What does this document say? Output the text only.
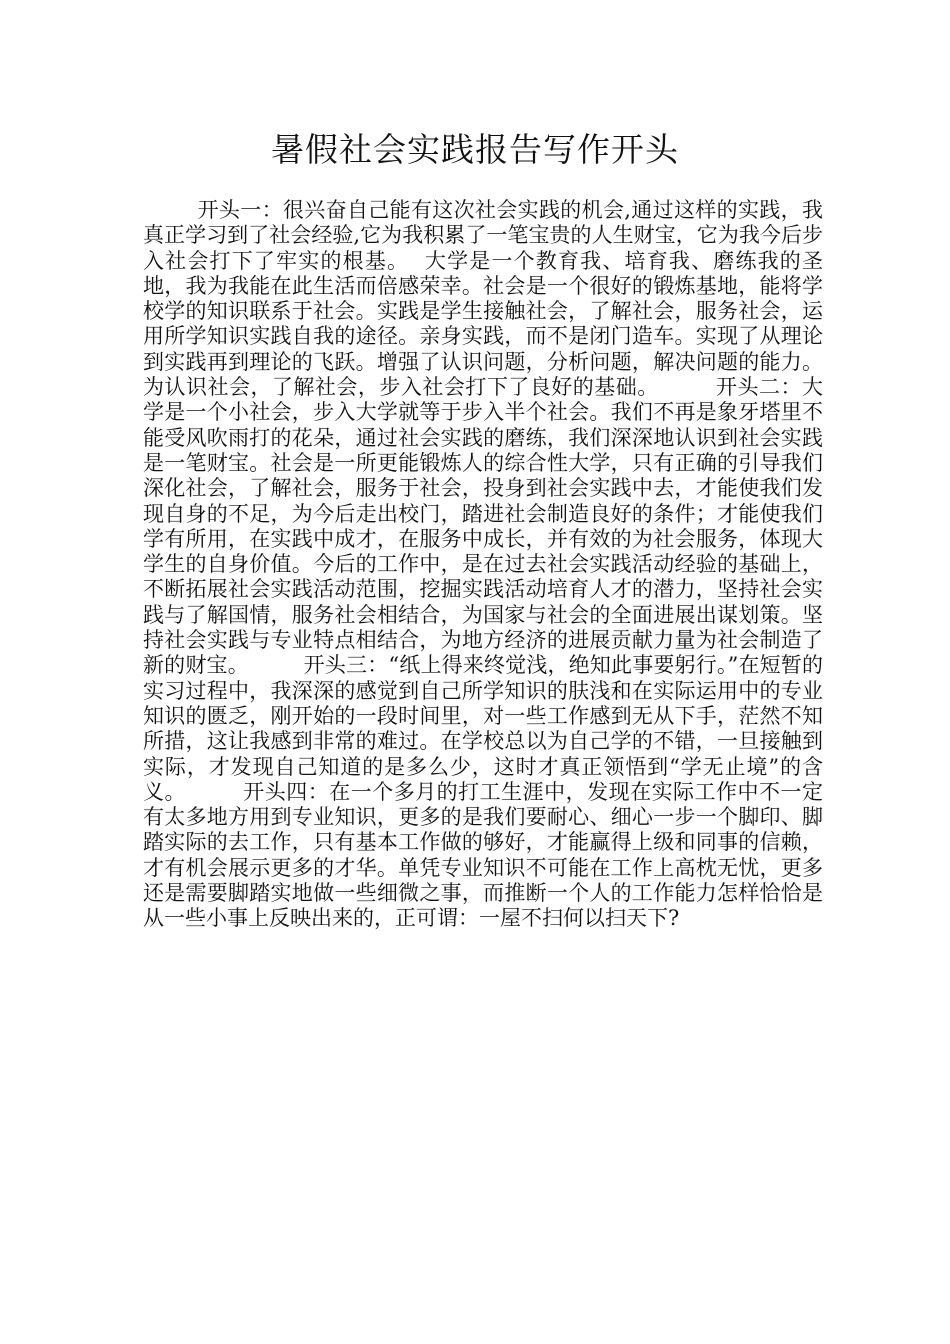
暑假社会实践报告写作开头

开头一：很兴奋自己能有这次社会实践的机会,通过这样的实践，我真正学习到了社会经验,它为我积累了一笔宝贵的人生财宝，它为我今后步入社会打下了牢实的根基。  大学是一个教育我、培育我、磨练我的圣地，我为我能在此生活而倍感荣幸。社会是一个很好的锻炼基地，能将学校学的知识联系于社会。实践是学生接触社会，了解社会，服务社会，运用所学知识实践自我的途径。亲身实践，而不是闭门造车。实现了从理论到实践再到理论的飞跃。增强了认识问题，分析问题，解决问题的能力。为认识社会，了解社会，步入社会打下了良好的基础。        开头二：大学是一个小社会，步入大学就等于步入半个社会。我们不再是象牙塔里不能受风吹雨打的花朵，通过社会实践的磨练，我们深深地认识到社会实践是一笔财宝。社会是一所更能锻炼人的综合性大学，只有正确的引导我们深化社会，了解社会，服务于社会，投身到社会实践中去，才能使我们发现自身的不足，为今后走出校门，踏进社会制造良好的条件；才能使我们学有所用，在实践中成才，在服务中成长，并有效的为社会服务，体现大学生的自身价值。今后的工作中，是在过去社会实践活动经验的基础上，不断拓展社会实践活动范围，挖掘实践活动培育人才的潜力，坚持社会实践与了解国情，服务社会相结合，为国家与社会的全面进展出谋划策。坚持社会实践与专业特点相结合，为地方经济的进展贡献力量为社会制造了新的财宝。        开头三：“纸上得来终觉浅，绝知此事要躬行。”在短暂的实习过程中，我深深的感觉到自己所学知识的肤浅和在实际运用中的专业知识的匮乏，刚开始的一段时间里，对一些工作感到无从下手，茫然不知所措，这让我感到非常的难过。在学校总以为自己学的不错，一旦接触到实际，才发现自己知道的是多么少，这时才真正领悟到“学无止境”的含义。        开头四：在一个多月的打工生涯中，发现在实际工作中不一定有太多地方用到专业知识，更多的是我们要耐心、细心一步一个脚印、脚踏实际的去工作，只有基本工作做的够好，才能赢得上级和同事的信赖，才有机会展示更多的才华。单凭专业知识不可能在工作上高枕无忧，更多还是需要脚踏实地做一些细微之事，而推断一个人的工作能力怎样恰恰是从一些小事上反映出来的，正可谓：一屋不扫何以扫天下?
